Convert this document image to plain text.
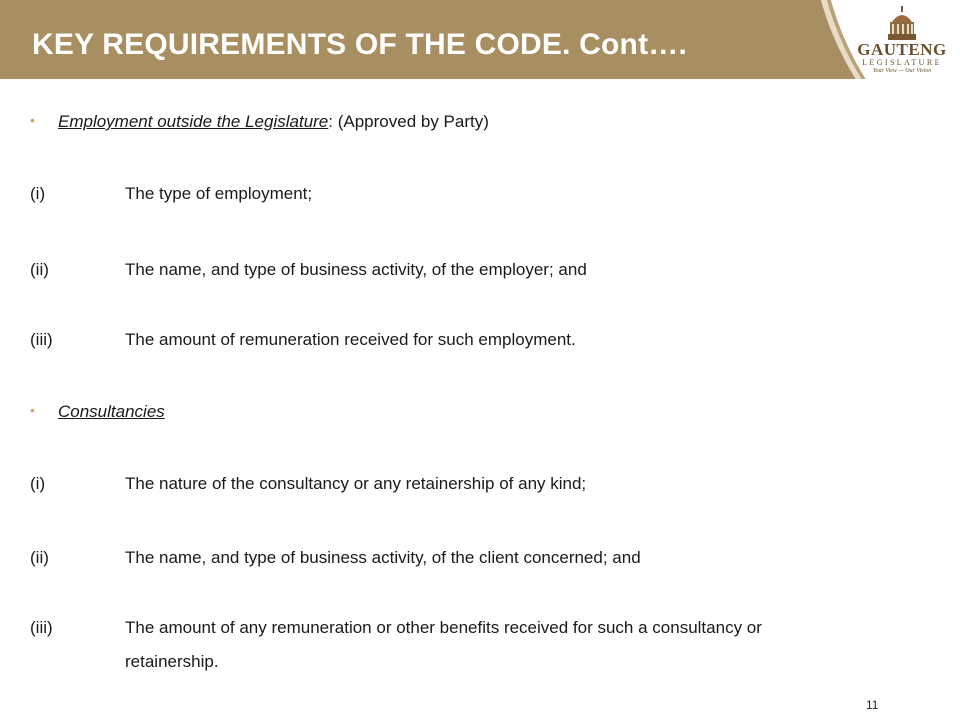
KEY REQUIREMENTS OF THE CODE. Cont….	GAUTENG
LEGISLATURE
Your View — Our Vision
• Employment outside the Legislature: (Approved by Party)
(i)	The type of employment;
(ii)	The name, and type of business activity, of the employer; and
(iii)	The amount of remuneration received for such employment.
• Consultancies
(i)	The nature of the consultancy or any retainership of any kind;
(ii)	The name, and type of business activity, of the client concerned; and
(iii)	The amount of any remuneration or other benefits received for such a consultancy or
retainership.
11
